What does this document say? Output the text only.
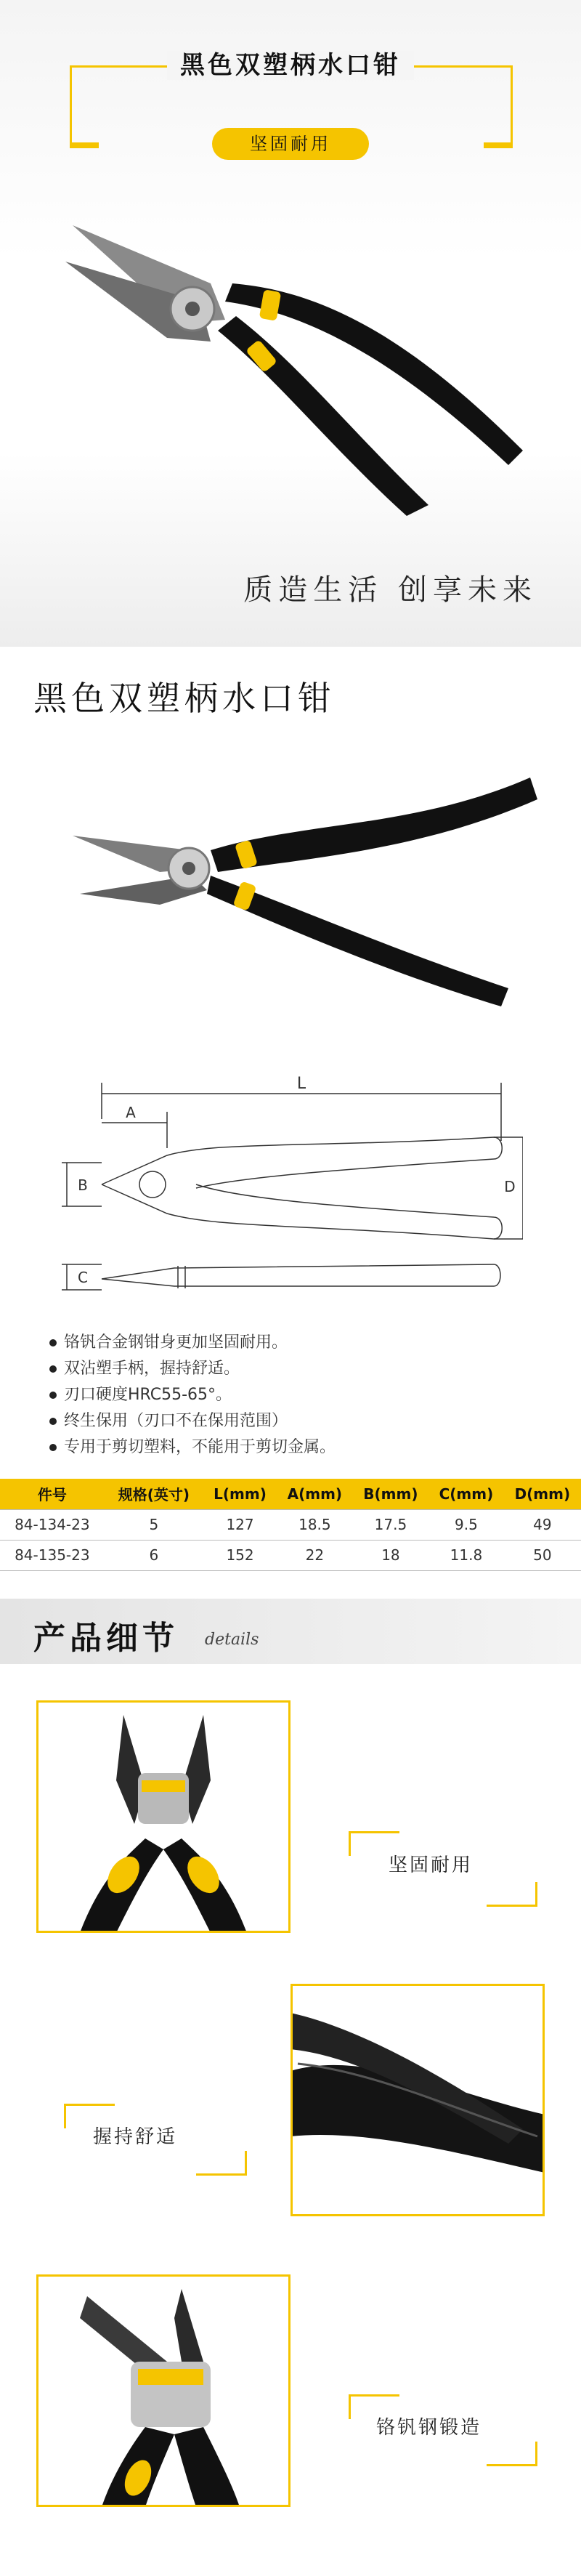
黑色双塑柄水口钳
坚固耐用
质造生活 创享未来
黑色双塑柄水口钳
L
A
B
C
D
铬钒合金钢钳身更加坚固耐用。
双沾塑手柄，握持舒适。
刃口硬度HRC55-65°。
终生保用（刃口不在保用范围）
专用于剪切塑料，不能用于剪切金属。
件号	规格(英寸)	L(mm)	A(mm)	B(mm)	C(mm)	D(mm)
84-134-23	5	127	18.5	17.5	9.5	49
84-135-23	6	152	22	18	11.8	50
产品细节 details
坚固耐用
握持舒适
铬钒钢锻造
